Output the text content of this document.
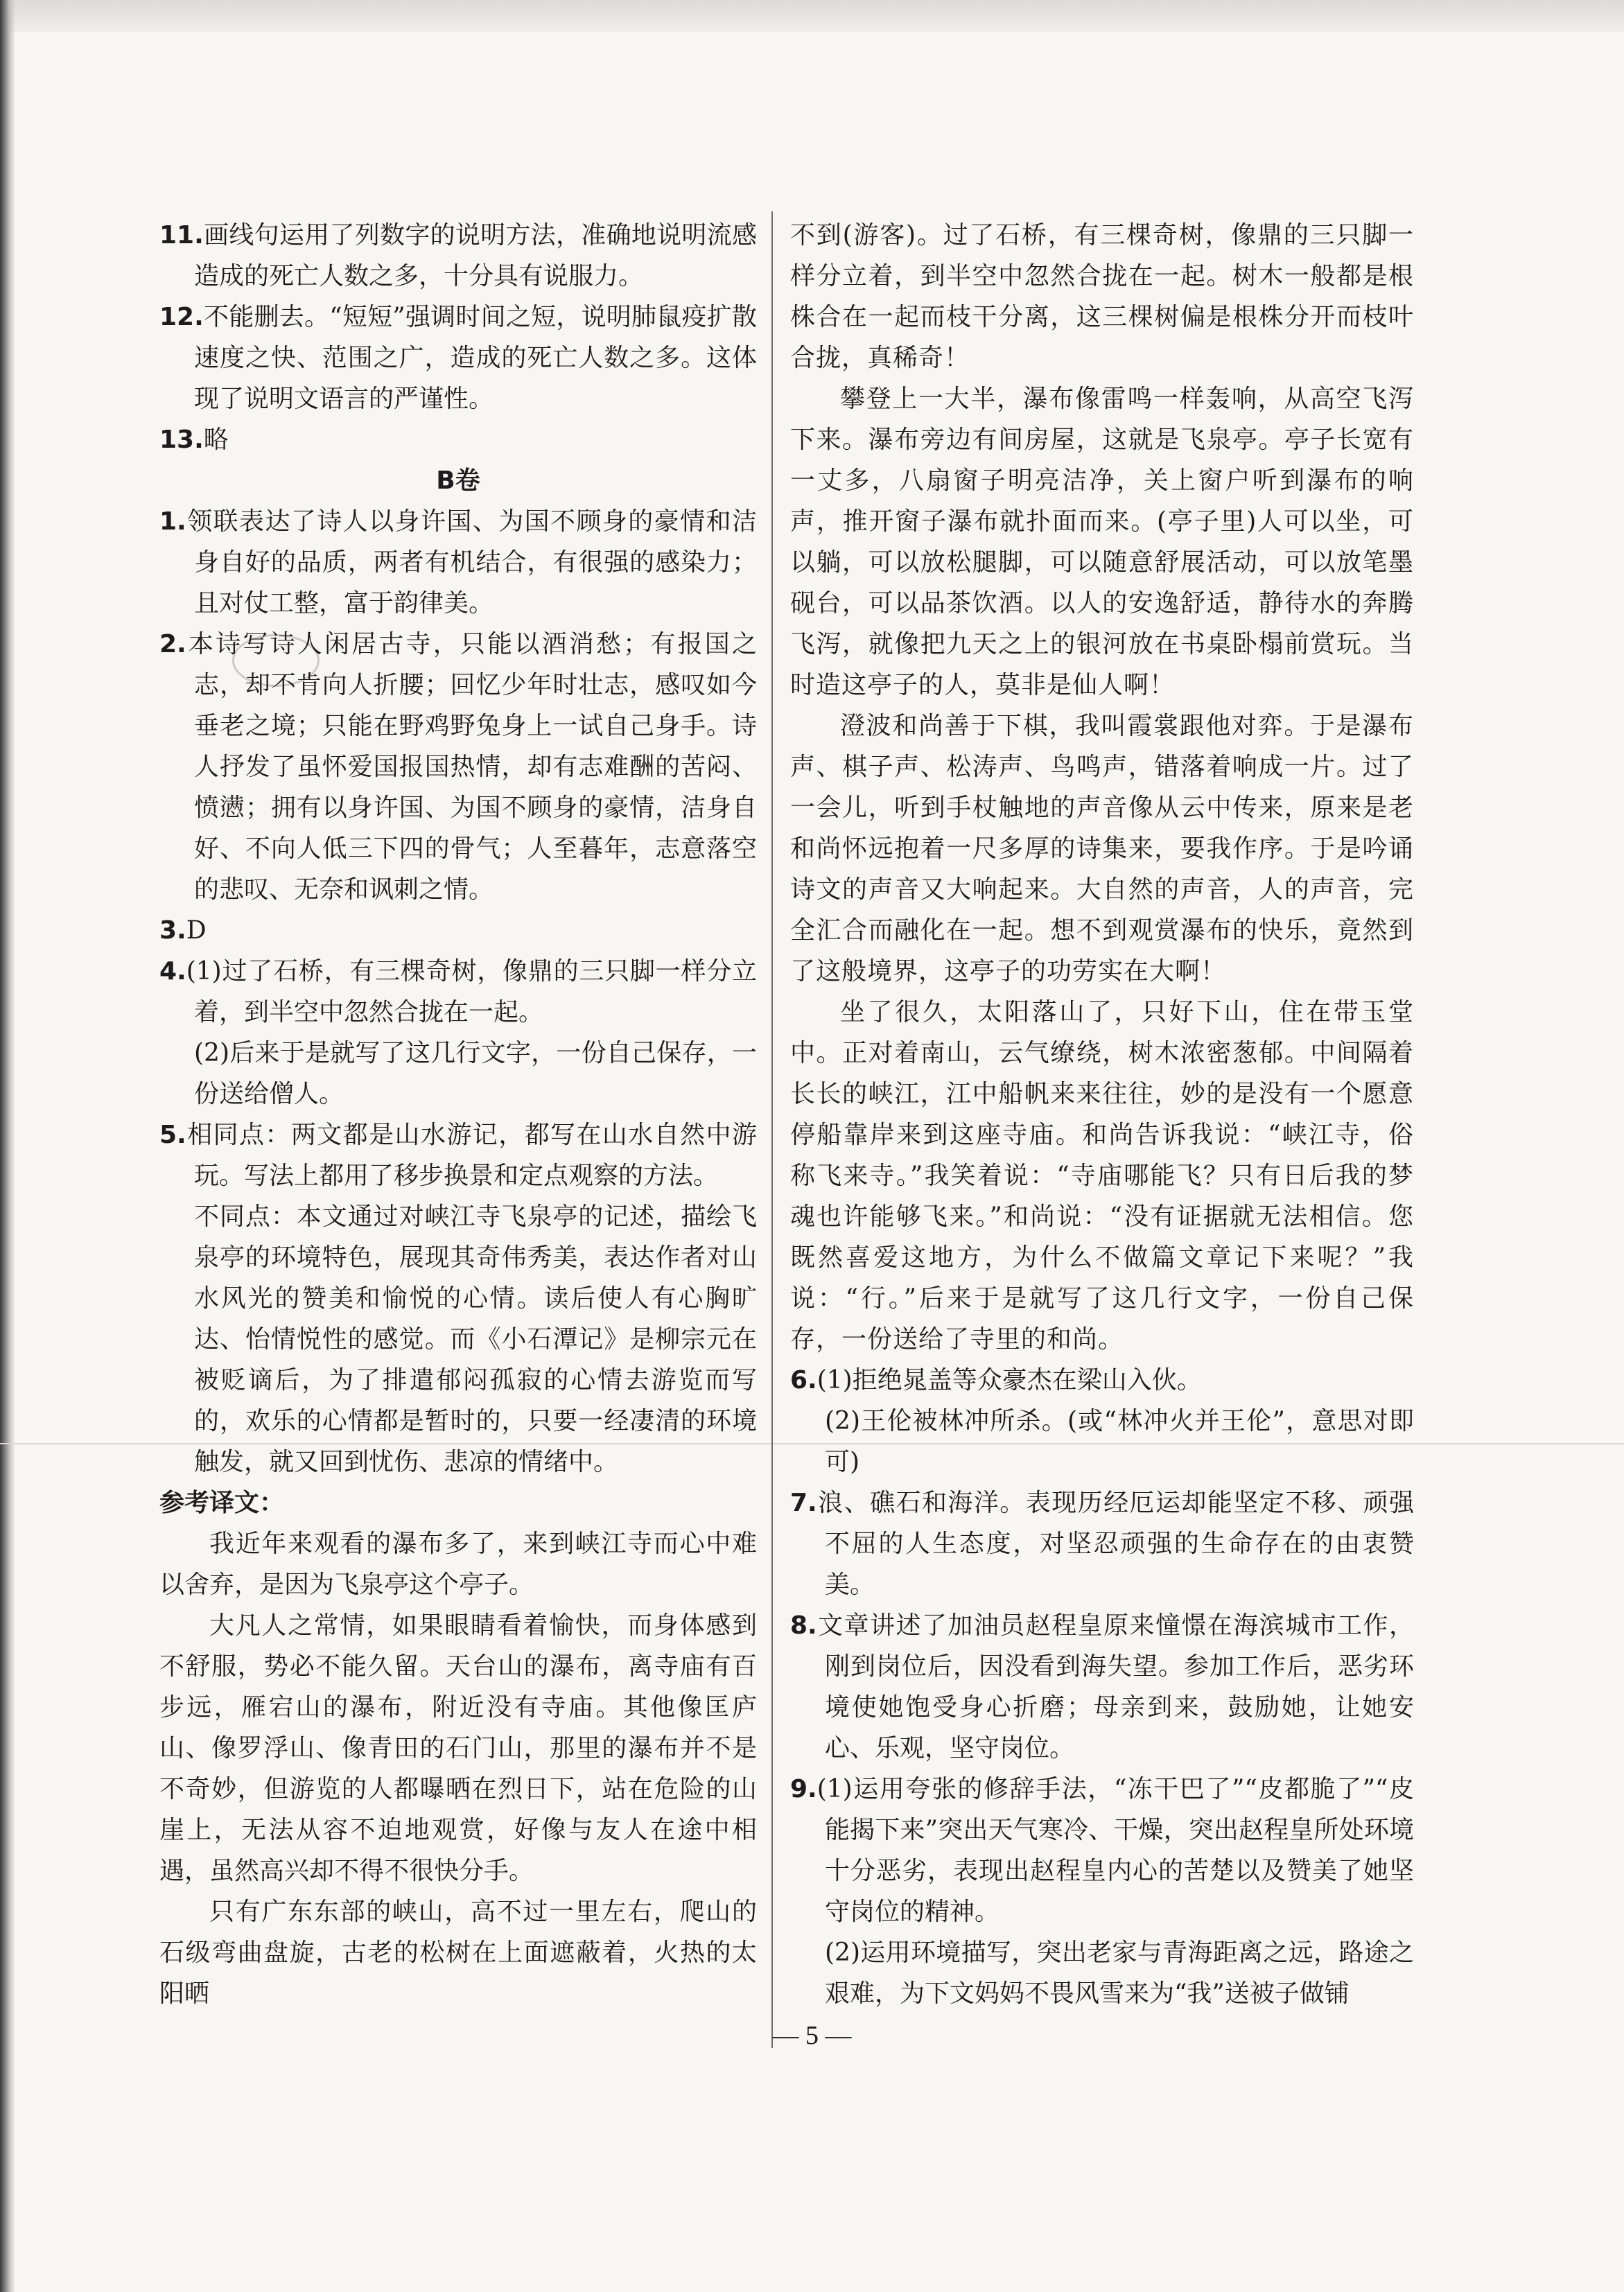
11.画线句运用了列数字的说明方法，准确地说明流感造成的死亡人数之多，十分具有说服力。

12.不能删去。“短短”强调时间之短，说明肺鼠疫扩散速度之快、范围之广，造成的死亡人数之多。这体现了说明文语言的严谨性。

13.略

B卷

1.领联表达了诗人以身许国、为国不顾身的豪情和洁身自好的品质，两者有机结合，有很强的感染力；且对仗工整，富于韵律美。

2.本诗写诗人闲居古寺，只能以酒消愁；有报国之志，却不肯向人折腰；回忆少年时壮志，感叹如今垂老之境；只能在野鸡野兔身上一试自己身手。诗人抒发了虽怀爱国报国热情，却有志难酬的苦闷、愤懑；拥有以身许国、为国不顾身的豪情，洁身自好、不向人低三下四的骨气；人至暮年，志意落空的悲叹、无奈和讽刺之情。

3.D

4.(1)过了石桥，有三棵奇树，像鼎的三只脚一样分立着，到半空中忽然合拢在一起。

(2)后来于是就写了这几行文字，一份自己保存，一份送给僧人。

5.相同点：两文都是山水游记，都写在山水自然中游玩。写法上都用了移步换景和定点观察的方法。

不同点：本文通过对峡江寺飞泉亭的记述，描绘飞泉亭的环境特色，展现其奇伟秀美，表达作者对山水风光的赞美和愉悦的心情。读后使人有心胸旷达、怡情悦性的感觉。而《小石潭记》是柳宗元在被贬谪后，为了排遣郁闷孤寂的心情去游览而写的，欢乐的心情都是暂时的，只要一经凄清的环境触发，就又回到忧伤、悲凉的情绪中。

参考译文：

我近年来观看的瀑布多了，来到峡江寺而心中难以舍弃，是因为飞泉亭这个亭子。

大凡人之常情，如果眼睛看着愉快，而身体感到不舒服，势必不能久留。天台山的瀑布，离寺庙有百步远，雁宕山的瀑布，附近没有寺庙。其他像匡庐山、像罗浮山、像青田的石门山，那里的瀑布并不是不奇妙，但游览的人都曝晒在烈日下，站在危险的山崖上，无法从容不迫地观赏，好像与友人在途中相遇，虽然高兴却不得不很快分手。

只有广东东部的峡山，高不过一里左右，爬山的石级弯曲盘旋，古老的松树在上面遮蔽着，火热的太阳晒

不到(游客)。过了石桥，有三棵奇树，像鼎的三只脚一样分立着，到半空中忽然合拢在一起。树木一般都是根株合在一起而枝干分离，这三棵树偏是根株分开而枝叶合拢，真稀奇！

攀登上一大半，瀑布像雷鸣一样轰响，从高空飞泻下来。瀑布旁边有间房屋，这就是飞泉亭。亭子长宽有一丈多，八扇窗子明亮洁净，关上窗户听到瀑布的响声，推开窗子瀑布就扑面而来。(亭子里)人可以坐，可以躺，可以放松腿脚，可以随意舒展活动，可以放笔墨砚台，可以品茶饮酒。以人的安逸舒适，静待水的奔腾飞泻，就像把九天之上的银河放在书桌卧榻前赏玩。当时造这亭子的人，莫非是仙人啊！

澄波和尚善于下棋，我叫霞裳跟他对弈。于是瀑布声、棋子声、松涛声、鸟鸣声，错落着响成一片。过了一会儿，听到手杖触地的声音像从云中传来，原来是老和尚怀远抱着一尺多厚的诗集来，要我作序。于是吟诵诗文的声音又大响起来。大自然的声音，人的声音，完全汇合而融化在一起。想不到观赏瀑布的快乐，竟然到了这般境界，这亭子的功劳实在大啊！

坐了很久，太阳落山了，只好下山，住在带玉堂中。正对着南山，云气缭绕，树木浓密葱郁。中间隔着长长的峡江，江中船帆来来往往，妙的是没有一个愿意停船靠岸来到这座寺庙。和尚告诉我说：“峡江寺，俗称飞来寺。”我笑着说：“寺庙哪能飞？只有日后我的梦魂也许能够飞来。”和尚说：“没有证据就无法相信。您既然喜爱这地方，为什么不做篇文章记下来呢？”我说：“行。”后来于是就写了这几行文字，一份自己保存，一份送给了寺里的和尚。

6.(1)拒绝晁盖等众豪杰在梁山入伙。

(2)王伦被林冲所杀。(或“林冲火并王伦”，意思对即可)

7.浪、礁石和海洋。表现历经厄运却能坚定不移、顽强不屈的人生态度，对坚忍顽强的生命存在的由衷赞美。

8.文章讲述了加油员赵程皇原来憧憬在海滨城市工作，刚到岗位后，因没看到海失望。参加工作后，恶劣环境使她饱受身心折磨；母亲到来，鼓励她，让她安心、乐观，坚守岗位。

9.(1)运用夸张的修辞手法，“冻干巴了”“皮都脆了”“皮能揭下来”突出天气寒冷、干燥，突出赵程皇所处环境十分恶劣，表现出赵程皇内心的苦楚以及赞美了她坚守岗位的精神。

(2)运用环境描写，突出老家与青海距离之远，路途之艰难，为下文妈妈不畏风雪来为“我”送被子做铺

— 5 —
